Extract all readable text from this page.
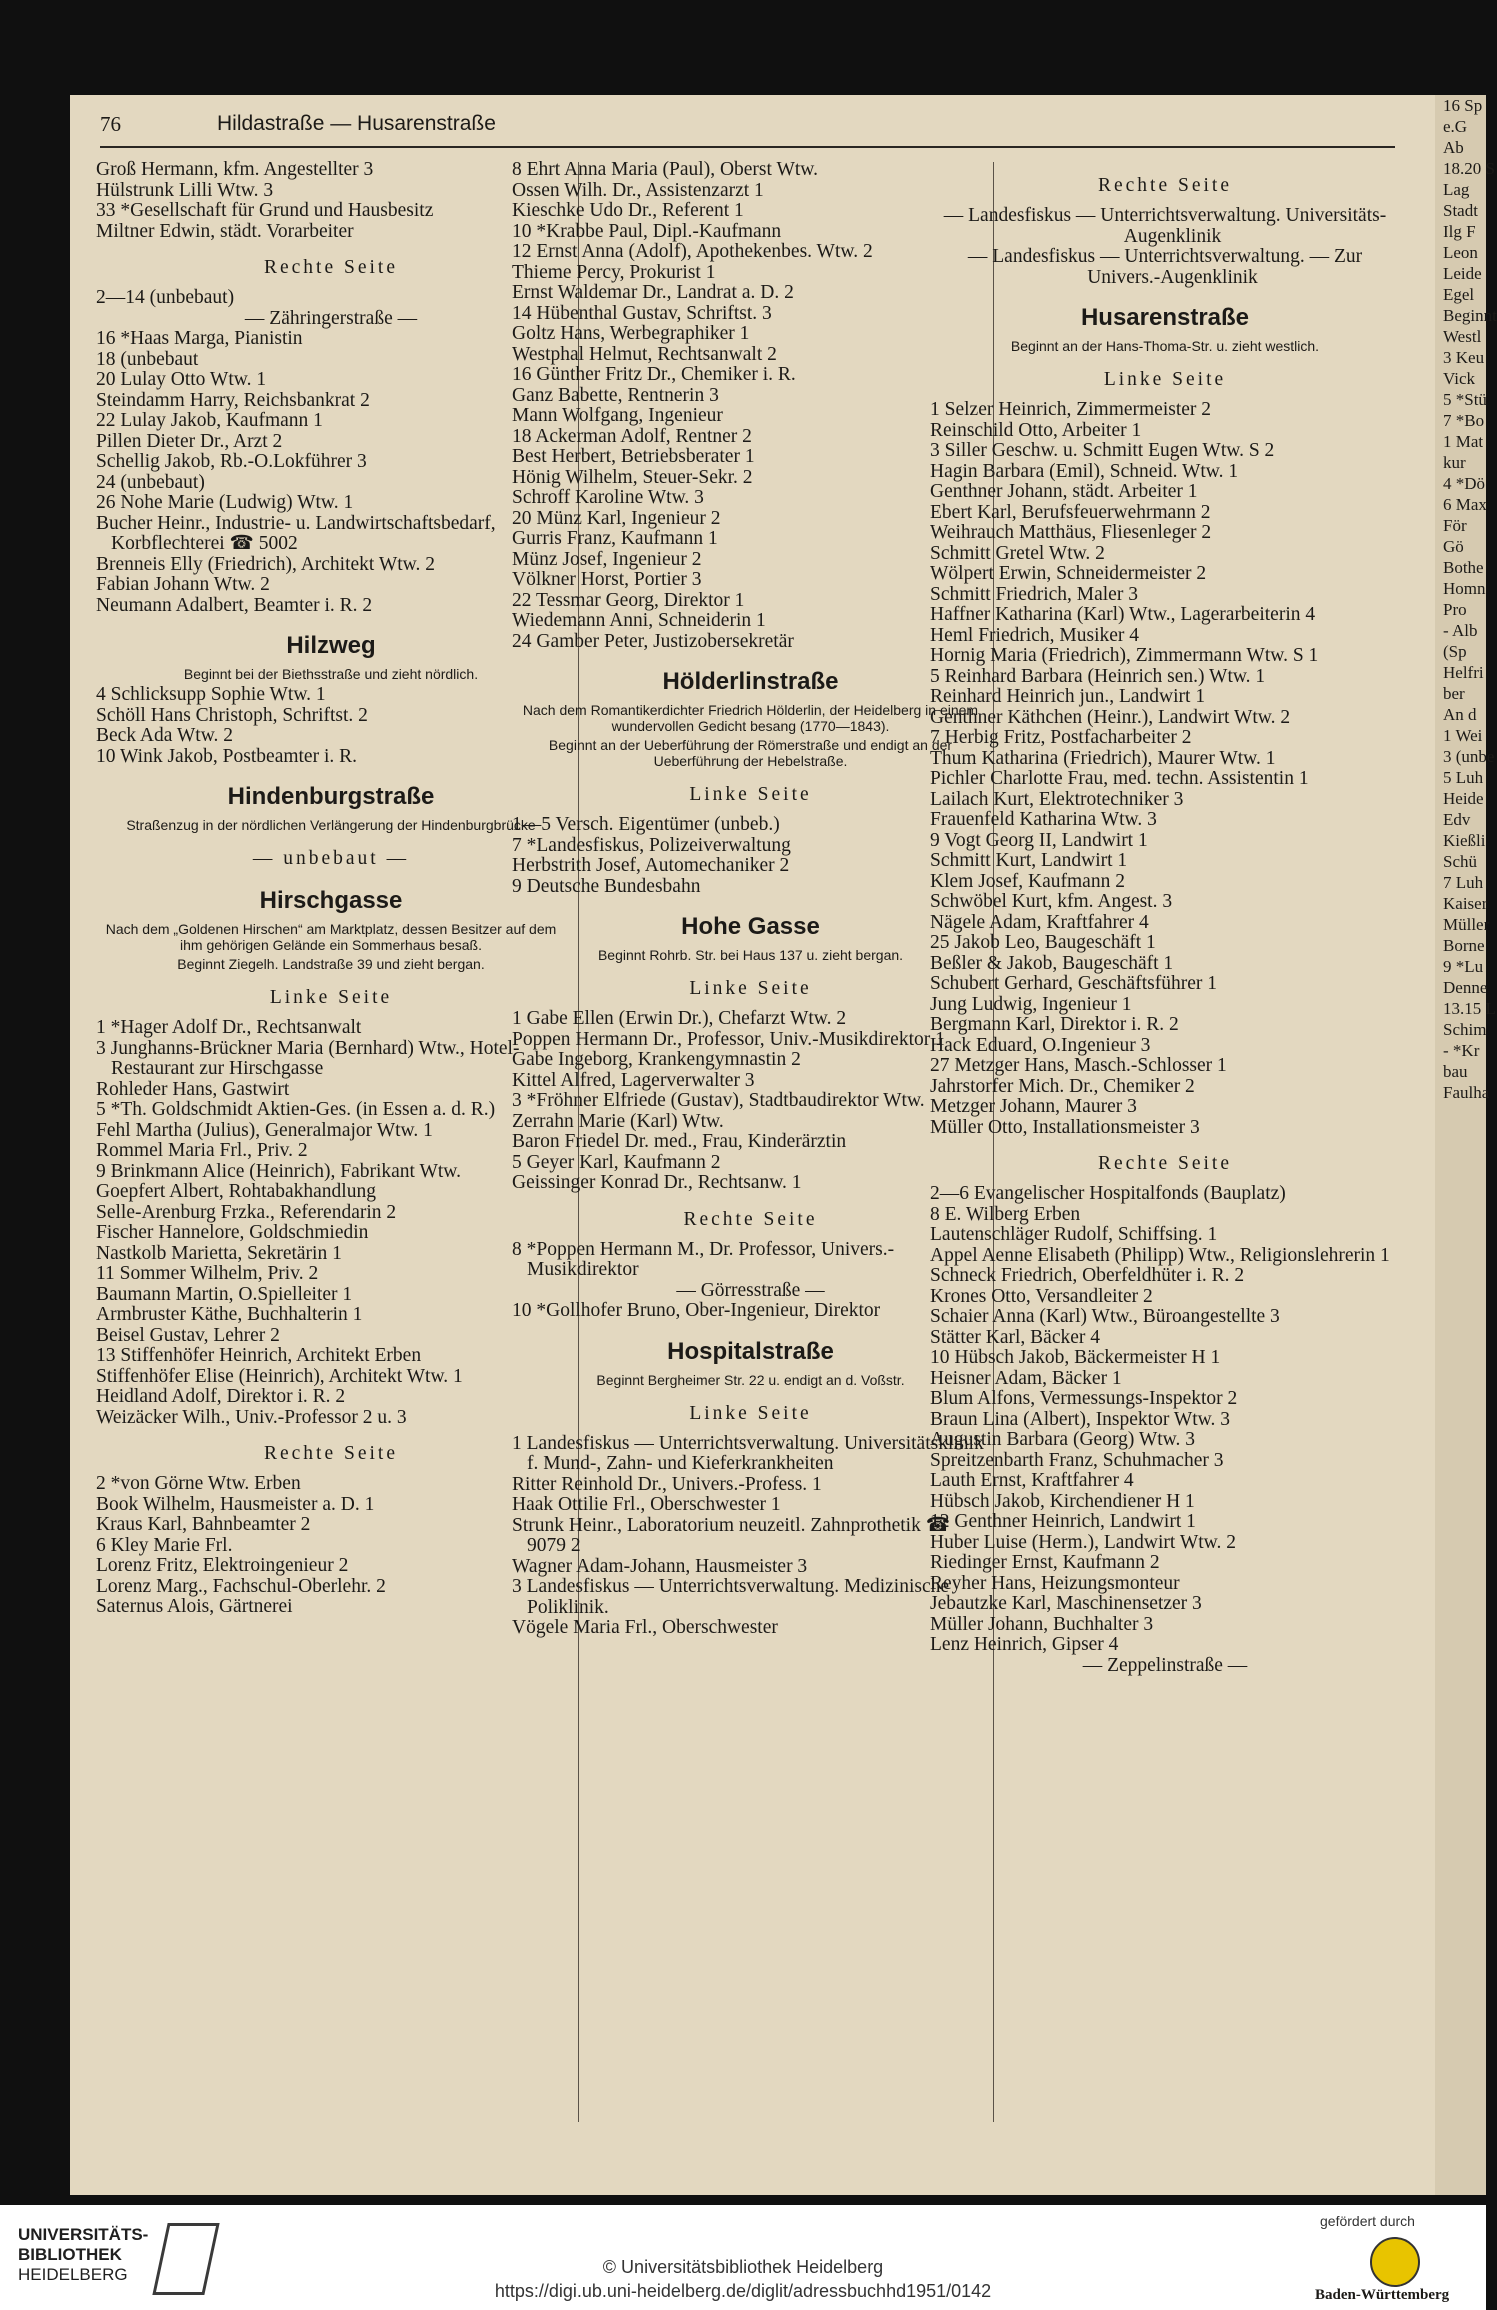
16 Sp
e.G
Ab
18.20 S
Lag
Stadt
Ilg F
Leon
Leide
Egel
Beginnt
Westl
3 Keu
Vick
5 *Stü
7 *Bo
1 Mat
kur
4 *Dö
6 Max
För
Gö
Bothe
Homn
Pro
- Alb
(Sp
Helfri
ber
An d
1 Wei
3 (unbe
5 Luh
Heide
Edv
Kießli
Schü
7 Luh
Kaiser
Müller
Borne
9 *Lu
Denne
13.15 L
Schim
- *Kr
bau
Faulha
76	Hildastraße — Husarenstraße

Groß Hermann, kfm. Angestellter 3

Hülstrunk Lilli Wtw. 3

33 *Gesellschaft für Grund und Hausbesitz

Miltner Edwin, städt. Vorarbeiter

Rechte Seite

2—14 (unbebaut)

— Zähringerstraße —

16 *Haas Marga, Pianistin

18 (unbebaut

20 Lulay Otto Wtw. 1

Steindamm Harry, Reichsbankrat 2

22 Lulay Jakob, Kaufmann 1

Pillen Dieter Dr., Arzt 2

Schellig Jakob, Rb.-O.Lokführer 3

24 (unbebaut)

26 Nohe Marie (Ludwig) Wtw. 1

Bucher Heinr., Industrie- u. Landwirtschaftsbedarf, Korbflechterei ☎ 5002

Brenneis Elly (Friedrich), Architekt Wtw. 2

Fabian Johann Wtw. 2

Neumann Adalbert, Beamter i. R. 2

Hilzweg

Beginnt bei der Biethsstraße und zieht nördlich.

4 Schlicksupp Sophie Wtw. 1

Schöll Hans Christoph, Schriftst. 2

Beck Ada Wtw. 2

10 Wink Jakob, Postbeamter i. R.

Hindenburgstraße

Straßenzug in der nördlichen Verlängerung der Hindenburgbrücke

— unbebaut —

Hirschgasse

Nach dem „Goldenen Hirschen“ am Marktplatz, dessen Besitzer auf dem ihm gehörigen Gelände ein Sommerhaus besaß.

Beginnt Ziegelh. Landstraße 39 und zieht bergan.

Linke Seite

1 *Hager Adolf Dr., Rechtsanwalt

3 Junghanns-Brückner Maria (Bernhard) Wtw., Hotel-Restaurant zur Hirschgasse

Rohleder Hans, Gastwirt

5 *Th. Goldschmidt Aktien-Ges. (in Essen a. d. R.)

Fehl Martha (Julius), Generalmajor Wtw. 1

Rommel Maria Frl., Priv. 2

9 Brinkmann Alice (Heinrich), Fabrikant Wtw.

Goepfert Albert, Rohtabakhandlung

Selle-Arenburg Frzka., Referendarin 2

Fischer Hannelore, Goldschmiedin

Nastkolb Marietta, Sekretärin 1

11 Sommer Wilhelm, Priv. 2

Baumann Martin, O.Spielleiter 1

Armbruster Käthe, Buchhalterin 1

Beisel Gustav, Lehrer 2

13 Stiffenhöfer Heinrich, Architekt Erben

Stiffenhöfer Elise (Heinrich), Architekt Wtw. 1

Heidland Adolf, Direktor i. R. 2

Weizäcker Wilh., Univ.-Professor 2 u. 3

Rechte Seite

2 *von Görne Wtw. Erben

Book Wilhelm, Hausmeister a. D. 1

Kraus Karl, Bahnbeamter 2

6 Kley Marie Frl.

Lorenz Fritz, Elektroingenieur 2

Lorenz Marg., Fachschul-Oberlehr. 2

Saternus Alois, Gärtnerei

8 Ehrt Anna Maria (Paul), Oberst Wtw.

Ossen Wilh. Dr., Assistenzarzt 1

Kieschke Udo Dr., Referent 1

10 *Krabbe Paul, Dipl.-Kaufmann

12 Ernst Anna (Adolf), Apothekenbes. Wtw. 2

Thieme Percy, Prokurist 1

Ernst Waldemar Dr., Landrat a. D. 2

14 Hübenthal Gustav, Schriftst. 3

Goltz Hans, Werbegraphiker 1

Westphal Helmut, Rechtsanwalt 2

16 Günther Fritz Dr., Chemiker i. R.

Ganz Babette, Rentnerin 3

Mann Wolfgang, Ingenieur

18 Ackerman Adolf, Rentner 2

Best Herbert, Betriebsberater 1

Hönig Wilhelm, Steuer-Sekr. 2

Schroff Karoline Wtw. 3

20 Münz Karl, Ingenieur 2

Gurris Franz, Kaufmann 1

Münz Josef, Ingenieur 2

Völkner Horst, Portier 3

22 Tessmar Georg, Direktor 1

Wiedemann Anni, Schneiderin 1

24 Gamber Peter, Justizobersekretär

Hölderlinstraße

Nach dem Romantikerdichter Friedrich Hölderlin, der Heidelberg in einem wundervollen Gedicht besang (1770—1843).

Beginnt an der Ueberführung der Römerstraße und endigt an der Ueberführung der Hebelstraße.

Linke Seite

1—5 Versch. Eigentümer (unbeb.)

7 *Landesfiskus, Polizeiverwaltung

Herbstrith Josef, Automechaniker 2

9 Deutsche Bundesbahn

Hohe Gasse

Beginnt Rohrb. Str. bei Haus 137 u. zieht bergan.

Linke Seite

1 Gabe Ellen (Erwin Dr.), Chefarzt Wtw. 2

Poppen Hermann Dr., Professor, Univ.-Musikdirektor 1

Gabe Ingeborg, Krankengymnastin 2

Kittel Alfred, Lagerverwalter 3

3 *Fröhner Elfriede (Gustav), Stadtbaudirektor Wtw.

Zerrahn Marie (Karl) Wtw.

Baron Friedel Dr. med., Frau, Kinderärztin

5 Geyer Karl, Kaufmann 2

Geissinger Konrad Dr., Rechtsanw. 1

Rechte Seite

8 *Poppen Hermann M., Dr. Professor, Univers.-Musikdirektor

— Görresstraße —

10 *Gollhofer Bruno, Ober-Ingenieur, Direktor

Hospitalstraße

Beginnt Bergheimer Str. 22 u. endigt an d. Voßstr.

Linke Seite

1 Landesfiskus — Unterrichtsverwaltung. Universitätsklinik f. Mund-, Zahn- und Kieferkrankheiten

Ritter Reinhold Dr., Univers.-Profess. 1

Haak Ottilie Frl., Oberschwester 1

Strunk Heinr., Laboratorium neuzeitl. Zahnprothetik ☎ 9079 2

Wagner Adam-Johann, Hausmeister 3

3 Landesfiskus — Unterrichtsverwaltung. Medizinische Poliklinik.

Vögele Maria Frl., Oberschwester

Rechte Seite

— Landesfiskus — Unterrichtsverwaltung. Universitäts-Augenklinik

— Landesfiskus — Unterrichtsverwaltung. — Zur Univers.-Augenklinik

Husarenstraße

Beginnt an der Hans-Thoma-Str. u. zieht westlich.

Linke Seite

1 Selzer Heinrich, Zimmermeister 2

Reinschild Otto, Arbeiter 1

3 Siller Geschw. u. Schmitt Eugen Wtw. S 2

Hagin Barbara (Emil), Schneid. Wtw. 1

Genthner Johann, städt. Arbeiter 1

Ebert Karl, Berufsfeuerwehrmann 2

Weihrauch Matthäus, Fliesenleger 2

Schmitt Gretel Wtw. 2

Wölpert Erwin, Schneidermeister 2

Schmitt Friedrich, Maler 3

Haffner Katharina (Karl) Wtw., Lagerarbeiterin 4

Heml Friedrich, Musiker 4

Hornig Maria (Friedrich), Zimmermann Wtw. S 1

5 Reinhard Barbara (Heinrich sen.) Wtw. 1

Reinhard Heinrich jun., Landwirt 1

Genthner Käthchen (Heinr.), Landwirt Wtw. 2

7 Herbig Fritz, Postfacharbeiter 2

Thum Katharina (Friedrich), Maurer Wtw. 1

Pichler Charlotte Frau, med. techn. Assistentin 1

Lailach Kurt, Elektrotechniker 3

Frauenfeld Katharina Wtw. 3

9 Vogt Georg II, Landwirt 1

Schmitt Kurt, Landwirt 1

Klem Josef, Kaufmann 2

Schwöbel Kurt, kfm. Angest. 3

Nägele Adam, Kraftfahrer 4

25 Jakob Leo, Baugeschäft 1

Beßler & Jakob, Baugeschäft 1

Schubert Gerhard, Geschäftsführer 1

Jung Ludwig, Ingenieur 1

Bergmann Karl, Direktor i. R. 2

Hack Eduard, O.Ingenieur 3

27 Metzger Hans, Masch.-Schlosser 1

Jahrstorfer Mich. Dr., Chemiker 2

Metzger Johann, Maurer 3

Müller Otto, Installationsmeister 3

Rechte Seite

2—6 Evangelischer Hospitalfonds (Bauplatz)

8 E. Wilberg Erben

Lautenschläger Rudolf, Schiffsing. 1

Appel Aenne Elisabeth (Philipp) Wtw., Religionslehrerin 1

Schneck Friedrich, Oberfeldhüter i. R. 2

Krones Otto, Versandleiter 2

Schaier Anna (Karl) Wtw., Büroangestellte 3

Stätter Karl, Bäcker 4

10 Hübsch Jakob, Bäckermeister H 1

Heisner Adam, Bäcker 1

Blum Alfons, Vermessungs-Inspektor 2

Braun Lina (Albert), Inspektor Wtw. 3

Augustin Barbara (Georg) Wtw. 3

Spreitzenbarth Franz, Schuhmacher 3

Lauth Ernst, Kraftfahrer 4

Hübsch Jakob, Kirchendiener H 1

12 Genthner Heinrich, Landwirt 1

Huber Luise (Herm.), Landwirt Wtw. 2

Riedinger Ernst, Kaufmann 2

Reyher Hans, Heizungsmonteur

Jebautzke Karl, Maschinensetzer 3

Müller Johann, Buchhalter 3

Lenz Heinrich, Gipser 4

— Zeppelinstraße —

UNIVERSITÄTS-
BIBLIOTHEK
HEIDELBERG	© Universitätsbibliothek Heidelberg
https://digi.ub.uni-heidelberg.de/diglit/adressbuchhd1951/0142
gefördert durch
Baden-Württemberg
